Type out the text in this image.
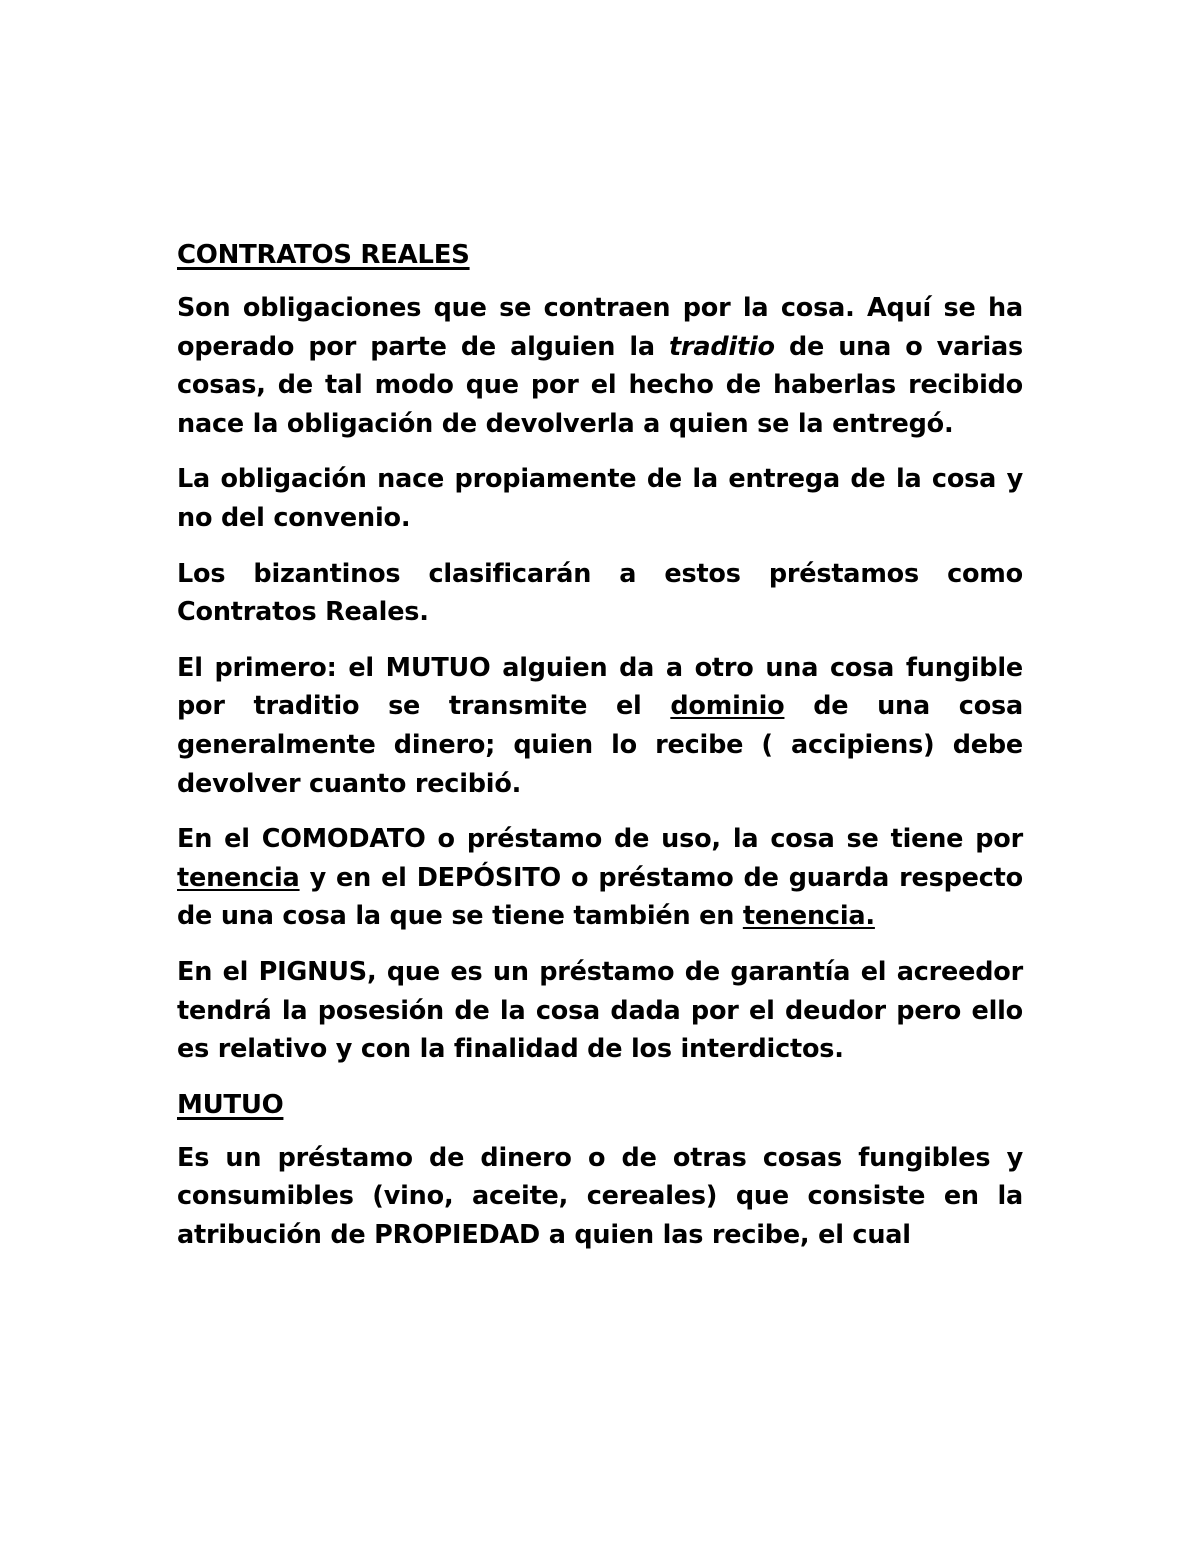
CONTRATOS REALES

Son obligaciones que se contraen por la cosa. Aquí se ha operado por parte de alguien la traditio de una o varias cosas, de tal modo que por el hecho de haberlas recibido nace la obligación de devolverla a quien se la entregó.

La obligación nace propiamente de la entrega de la cosa y no del convenio.

Los bizantinos clasificarán a estos préstamos como Contratos Reales.

El primero: el MUTUO alguien da a otro una cosa fungible por traditio se transmite el dominio de una cosa generalmente dinero; quien lo recibe ( accipiens) debe devolver cuanto recibió.

En el COMODATO o préstamo de uso, la cosa se tiene por tenencia y en el DEPÓSITO o préstamo de guarda respecto de una cosa la que se tiene también en tenencia.

En el PIGNUS, que es un préstamo de garantía el acreedor tendrá la posesión de la cosa dada por el deudor pero ello es relativo y con la finalidad de los interdictos.

MUTUO

Es un préstamo de dinero o de otras cosas fungibles y consumibles (vino, aceite, cereales) que consiste en la atribución de PROPIEDAD a quien las recibe, el cual
